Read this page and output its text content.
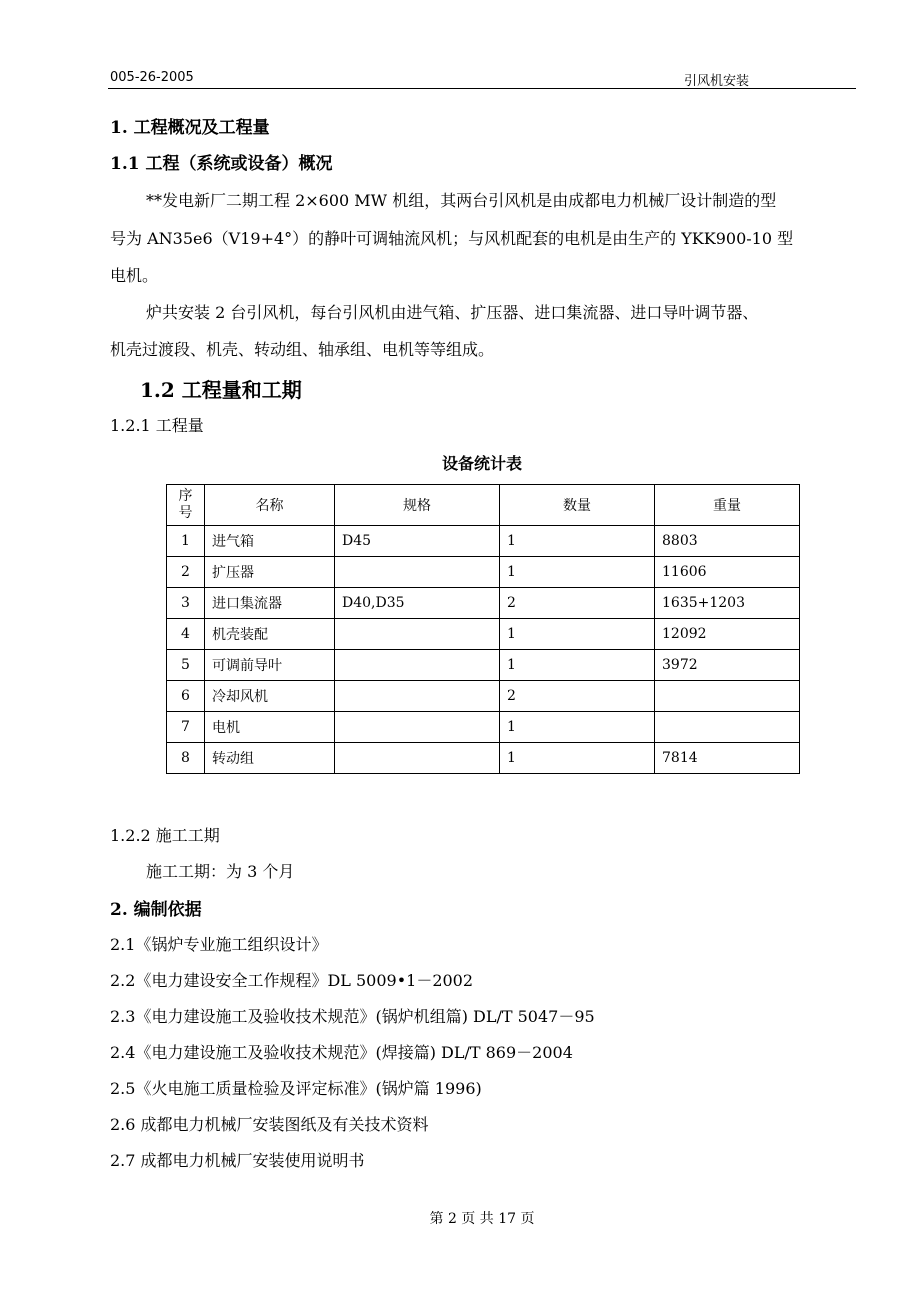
005-26-2005	引风机安装
1. 工程概况及工程量
1.1 工程（系统或设备）概况
**发电新厂二期工程 2×600 MW 机组，其两台引风机是由成都电力机械厂设计制造的型
号为 AN35e6（V19+4°）的静叶可调轴流风机；与风机配套的电机是由生产的 YKK900-10 型
电机。
炉共安装 2 台引风机，每台引风机由进气箱、扩压器、进口集流器、进口导叶调节器、
机壳过渡段、机壳、转动组、轴承组、电机等等组成。
1.2 工程量和工期
1.2.1 工程量
设备统计表
序
号	名称	规格	数量	重量
1	进气箱	D45	1	8803
2	扩压器		1	11606
3	进口集流器	D40,D35	2	1635+1203
4	机壳装配		1	12092
5	可调前导叶		1	3972
6	冷却风机		2	
7	电机		1	
8	转动组		1	7814
1.2.2 施工工期
施工工期：为 3 个月
2. 编制依据
2.1《锅炉专业施工组织设计》
2.2《电力建设安全工作规程》DL 5009•1－2002
2.3《电力建设施工及验收技术规范》(锅炉机组篇) DL/T 5047－95
2.4《电力建设施工及验收技术规范》(焊接篇) DL/T 869－2004
2.5《火电施工质量检验及评定标准》(锅炉篇 1996)
2.6 成都电力机械厂安装图纸及有关技术资料
2.7 成都电力机械厂安装使用说明书
第 2 页 共 17 页
